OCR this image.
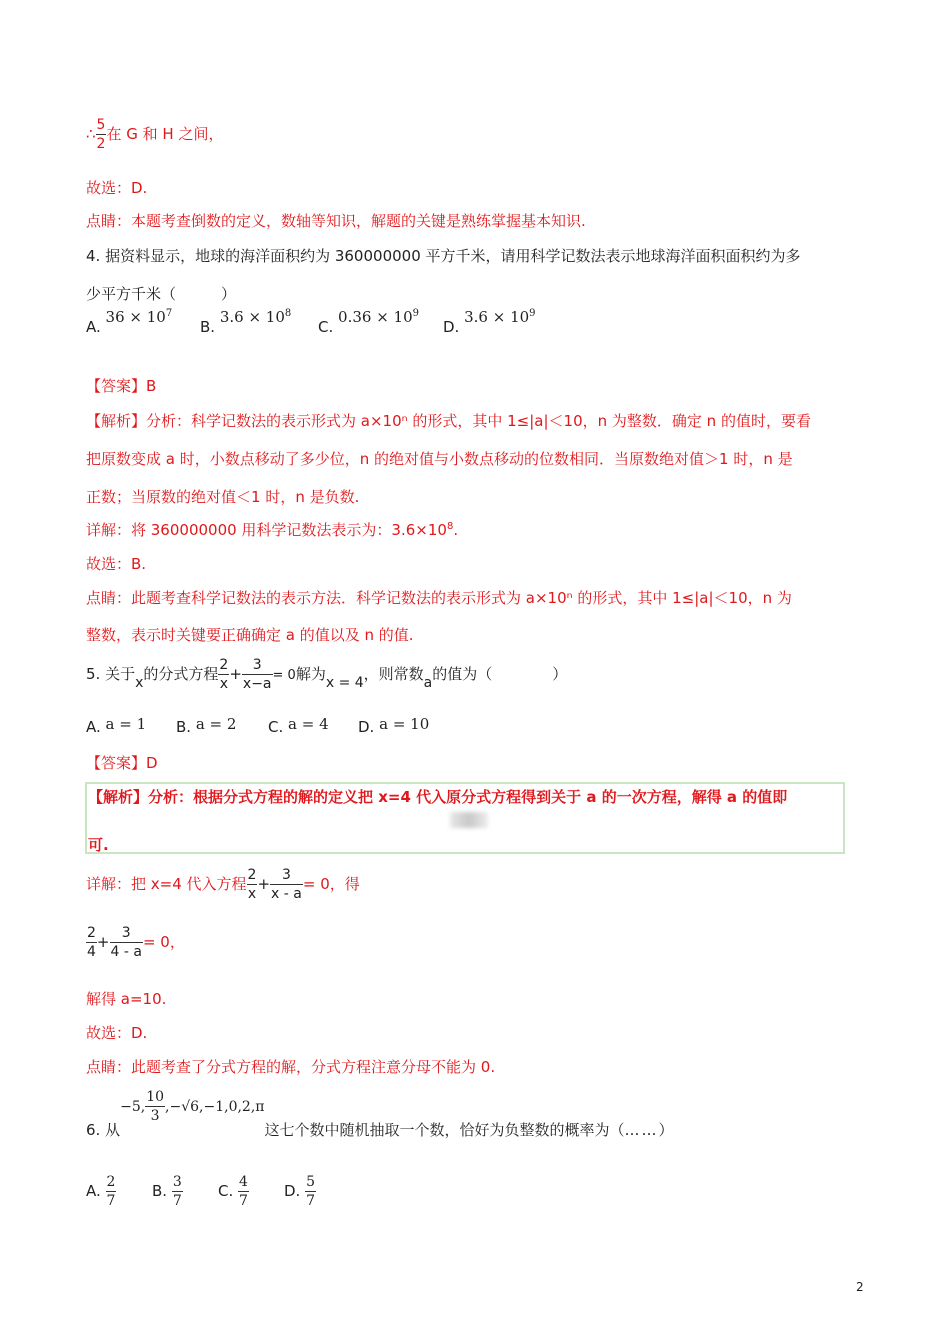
∴ $\frac{5}{2}$ 在 G 和 H 之间，
故选：D.
点睛：本题考查倒数的定义，数轴等知识，解题的关键是熟练掌握基本知识.
4. 据资料显示，地球的海洋面积约为 360000000 平方千米，请用科学记数法表示地球海洋面积面积约为多
少平方千米（　　　）
A. $36 \times 10^7$
B. $3.6 \times 10^8$
C. $0.36 \times 10^9$
D. $3.6 \times 10^9$
【答案】B
【解析】分析：科学记数法的表示形式为 a×10ⁿ 的形式，其中 1≤|a|＜10，n 为整数．确定 n 的值时，要看
把原数变成 a 时，小数点移动了多少位，n 的绝对值与小数点移动的位数相同．当原数绝对值＞1 时，n 是
正数；当原数的绝对值＜1 时，n 是负数.
详解：将 360000000 用科学记数法表示为：$3.6\times 10^8$.
故选：B.
点睛：此题考查科学记数法的表示方法．科学记数法的表示形式为 a×10ⁿ 的形式，其中 1≤|a|＜10，n 为
整数，表示时关键要正确确定 a 的值以及 n 的值.
5. 关于x的分式方程 $\frac{2}{x} + \frac{3}{x-a} = 0$解为x = 4，则常数a的值为（　　　　）
A. a = 1 B. a = 2 C. a = 4 D. a = 10
【答案】D
【解析】分析：根据分式方程的解的定义把 x=4 代入原分式方程得到关于 a 的一次方程，解得 a 的值即
可.
详解：把 x=4 代入方程 $\frac{2}{x} + \frac{3}{x - a} = 0$，得
$\frac{2}{4} + \frac{3}{4 - a} = 0$，
解得 a=10.
故选：D.
点睛：此题考查了分式方程的解，分式方程注意分母不能为 0.
6. 从−5, $\frac{10}{3} ,-√6,-1,0,2,\pi$这七个数中随机抽取一个数，恰好为负整数的概率为（……）
A. $\frac{2}{7} B$. $\frac{3}{7} C$. $\frac{4}{7} D$. $\frac{5}{7}$
2
